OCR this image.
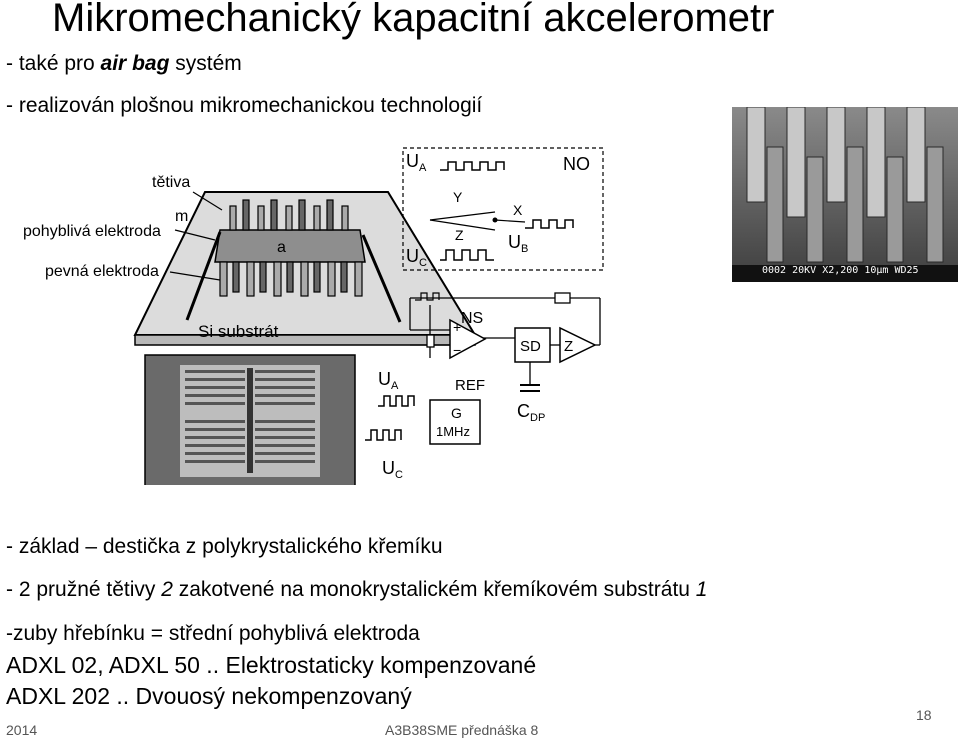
Mikromechanický kapacitní akcelerometr
- také pro air bag systém
- realizován plošnou mikromechanickou technologií
tětiva
m
pohyblivá elektroda
pevná elektroda
a
Si substrát
$U_A$	NO
Y
Z
X
$U_B$
$U_C$
+
−
NS
SD Z
$C_{DP}$
REF
G
1MHz
$U_A$
$U_C$
0002 20KV X2,200 10μm WD25
- základ – destička z polykrystalického křemíku
- 2 pružné tětivy 2 zakotvené na monokrystalickém křemíkovém substrátu 1
-zuby hřebínku = střední pohyblivá elektroda
ADXL 02, ADXL 50 .. Elektrostaticky kompenzované
ADXL 202 .. Dvouosý nekompenzovaný
2014	A3B38SME přednáška 8
18
